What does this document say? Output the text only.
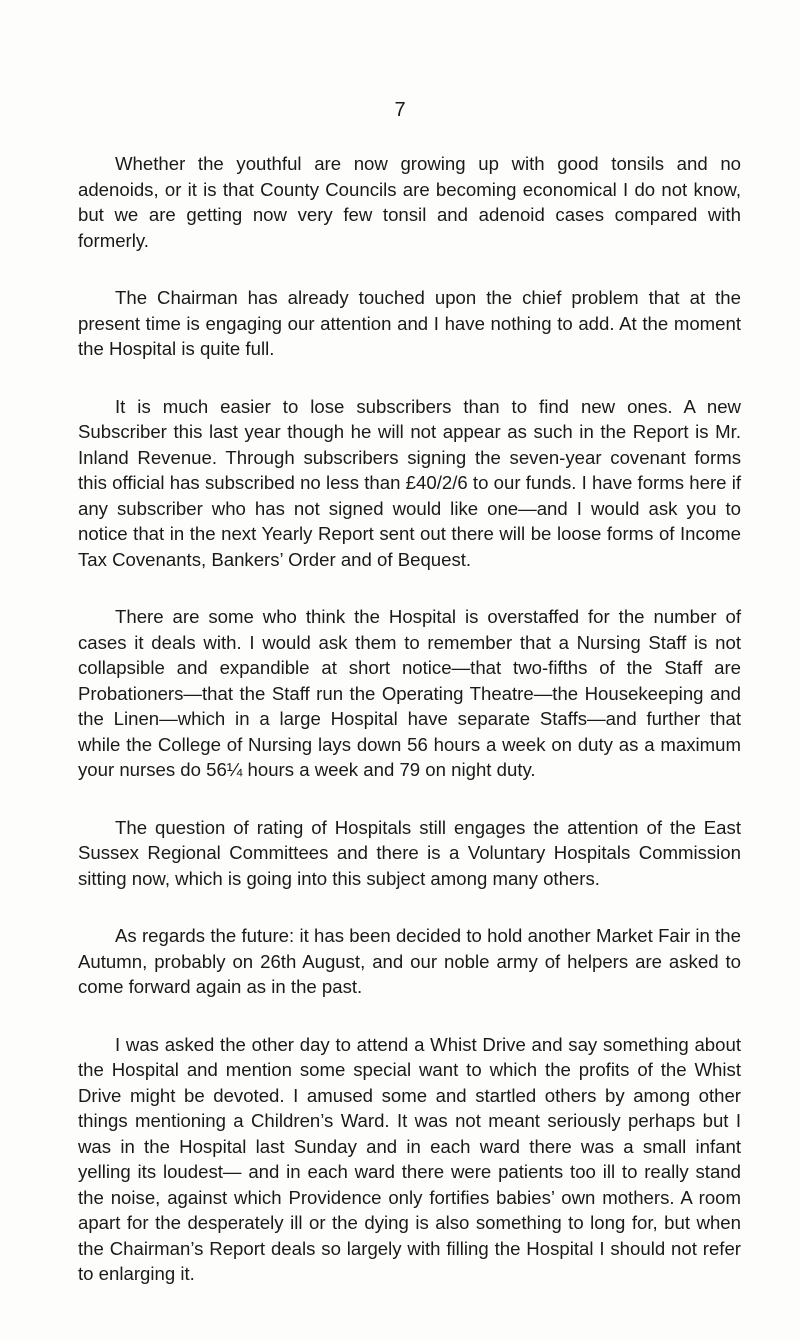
7

Whether the youthful are now growing up with good tonsils and no adenoids, or it is that County Councils are becoming economical I do not know, but we are getting now very few tonsil and adenoid cases compared with formerly.

The Chairman has already touched upon the chief problem that at the present time is engaging our attention and I have nothing to add. At the moment the Hospital is quite full.

It is much easier to lose subscribers than to find new ones. A new Subscriber this last year though he will not appear as such in the Report is Mr. Inland Revenue. Through subscribers signing the seven-year covenant forms this official has subscribed no less than £40/2/6 to our funds. I have forms here if any subscriber who has not signed would like one—and I would ask you to notice that in the next Yearly Report sent out there will be loose forms of Income Tax Covenants, Bankers’ Order and of Bequest.

There are some who think the Hospital is overstaffed for the number of cases it deals with. I would ask them to remember that a Nursing Staff is not collapsible and expandible at short notice—that two-fifths of the Staff are Probationers—that the Staff run the Operating Theatre—the Housekeeping and the Linen—which in a large Hospital have separate Staffs—and further that while the College of Nursing lays down 56 hours a week on duty as a maximum your nurses do 56¼ hours a week and 79 on night duty.

The question of rating of Hospitals still engages the attention of the East Sussex Regional Committees and there is a Voluntary Hospitals Commission sitting now, which is going into this subject among many others.

As regards the future: it has been decided to hold another Market Fair in the Autumn, probably on 26th August, and our noble army of helpers are asked to come forward again as in the past.

I was asked the other day to attend a Whist Drive and say something about the Hospital and mention some special want to which the profits of the Whist Drive might be devoted. I amused some and startled others by among other things mentioning a Children’s Ward. It was not meant seriously perhaps but I was in the Hospital last Sunday and in each ward there was a small infant yelling its loudest— and in each ward there were patients too ill to really stand the noise, against which Providence only fortifies babies’ own mothers. A room apart for the desperately ill or the dying is also something to long for, but when the Chairman’s Report deals so largely with filling the Hospital I should not refer to enlarging it.
